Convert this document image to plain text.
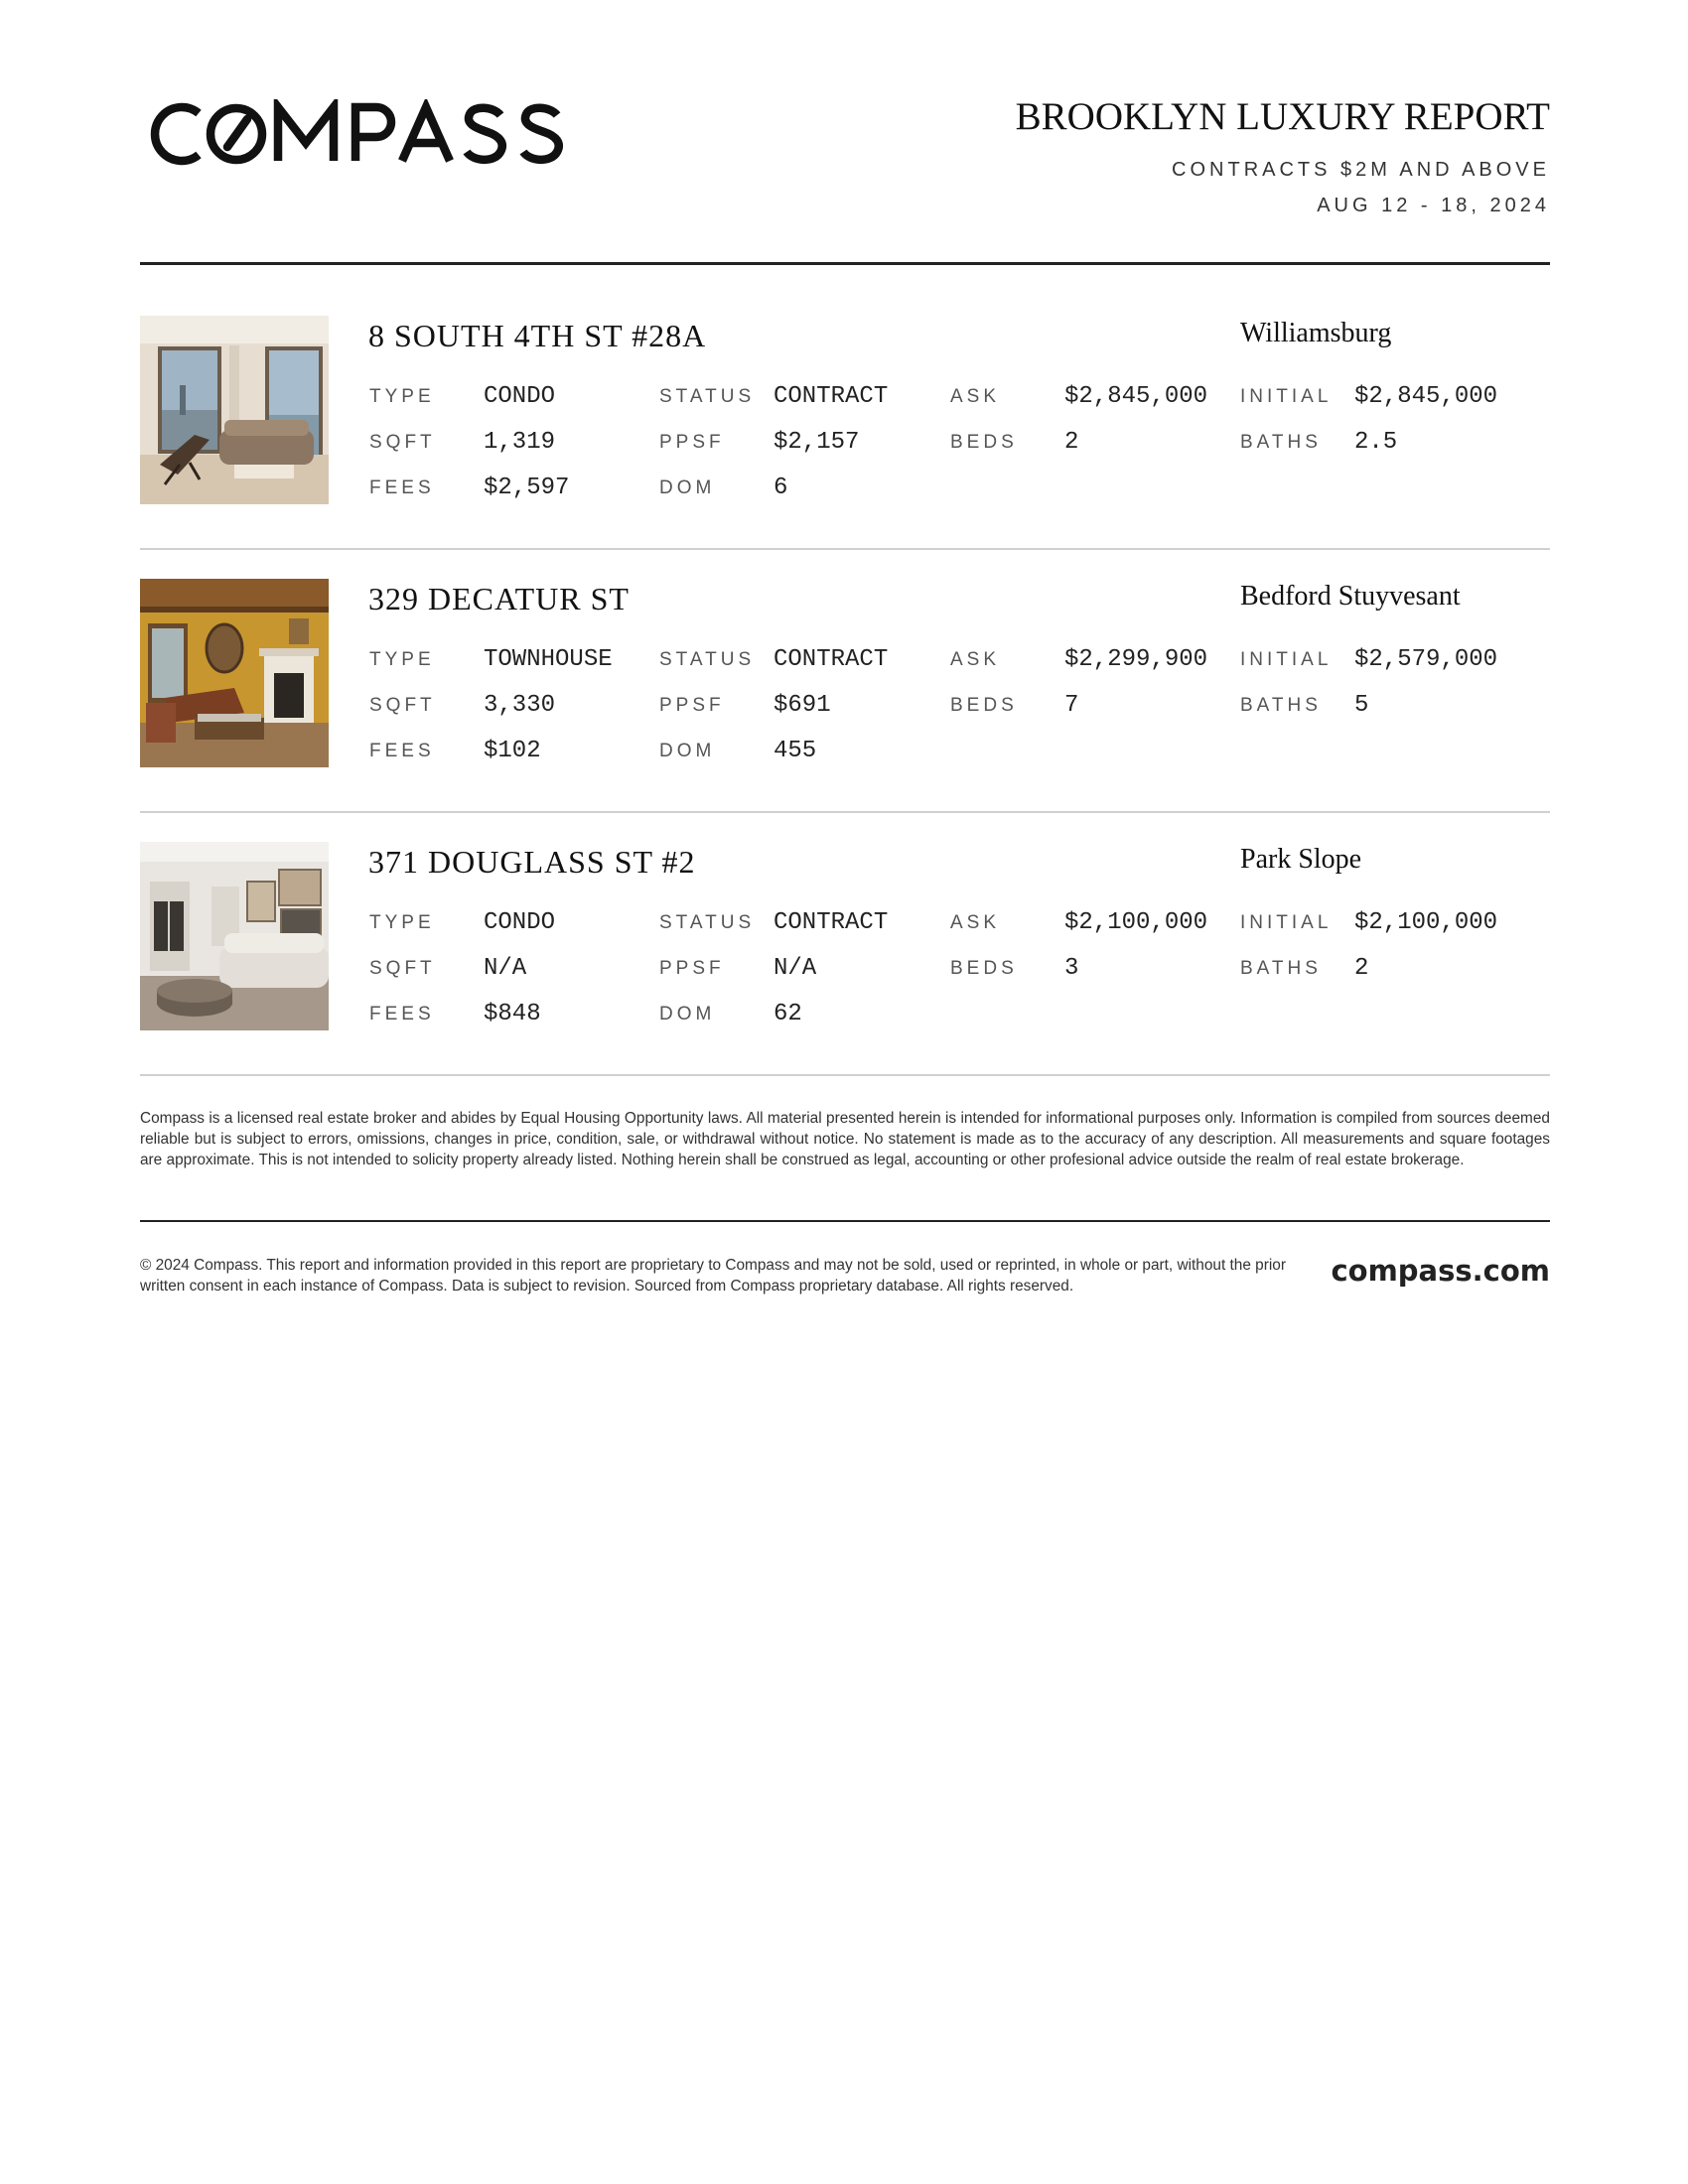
BROOKLYN LUXURY REPORT
CONTRACTS $2M AND ABOVE
AUG 12 - 18, 2024
8 SOUTH 4TH ST #28A	Williamsburg
TYPE CONDO	STATUS CONTRACT	ASK	$2,845,000 INITIAL $2,845,000
SQFT 1,319	PPSF $2,157	BEDS 2	BATHS 2.5
FEES $2,597	DOM 6
329 DECATUR ST	Bedford Stuyvesant
TYPE TOWNHOUSE STATUS CONTRACT	ASK	$2,299,900 INITIAL $2,579,000
SQFT 3,330	PPSF $691	BEDS 7	BATHS 5
FEES $102	DOM 455
371 DOUGLASS ST #2	Park Slope
TYPE CONDO	STATUS CONTRACT	ASK	$2,100,000 INITIAL $2,100,000
SQFT N/A	PPSF N/A	BEDS 3	BATHS 2
FEES $848	DOM 62
Compass is a licensed real estate broker and abides by Equal Housing Opportunity laws. All material presented herein is intended for informational purposes only. Information is compiled from sources deemed reliable but is subject to errors, omissions, changes in price, condition, sale, or withdrawal without notice. No statement is made as to the accuracy of any description. All measurements and square footages are approximate. This is not intended to solicity property already listed. Nothing herein shall be construed as legal, accounting or other profesional advice outside the realm of real estate brokerage.
© 2024 Compass. This report and information provided in this report are proprietary to Compass and may not be sold, used or reprinted, in whole or part, without the prior written consent in each instance of Compass. Data is subject to revision. Sourced from Compass proprietary database. All rights reserved.	compass.com
